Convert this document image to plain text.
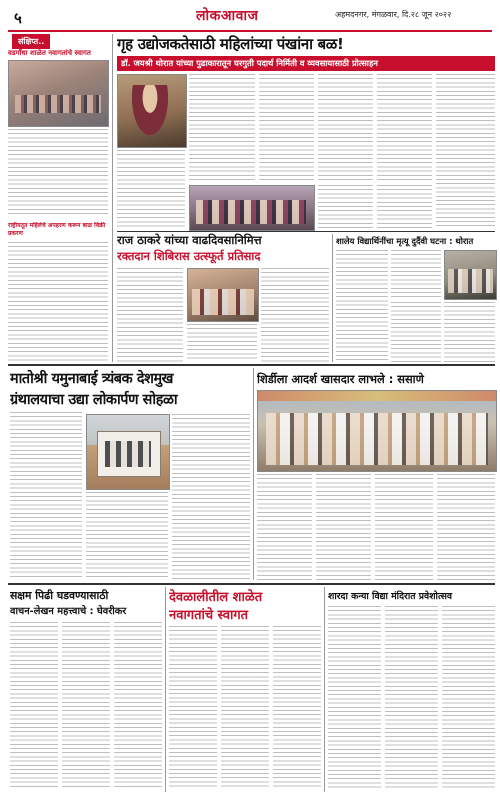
५	लोकआवाज	अहमदनगर, मंगळवार, दि.२८ जून २०२२
संक्षिप्त..
वडगाँधा शाळेत नवागतांचे स्वागत
राष्ट्रीयतूत महिलेचे अपहरण करून बाळ विक्री प्रकरण
गृह उद्योजकतेसाठी महिलांच्या पंखांना बळ!
डॉ. जयश्री थोरात यांच्या पुढाकारातून घरगुती पदार्थ निर्मिती व व्यवसायासाठी प्रोत्साहन
राज ठाकरे यांच्या वाढदिवसानिमित्त
रक्तदान शिबिरास उत्स्फूर्त प्रतिसाद
शालेय विद्यार्थिनींचा मृत्यू दुर्दैवी घटना : थोरात
मातोश्री यमुनाबाई त्र्यंबक देशमुख
ग्रंथालयाचा उद्या लोकार्पण सोहळा
शिर्डीला आदर्श खासदार लाभले : ससाणे
सक्षम पिढी घडवण्यासाठी
वाचन-लेखन महत्त्वाचे : घेवरीकर
देवळालीतील शाळेत
नवागतांचे स्वागत
शारदा कन्या विद्या मंदिरात प्रवेशोत्सव
